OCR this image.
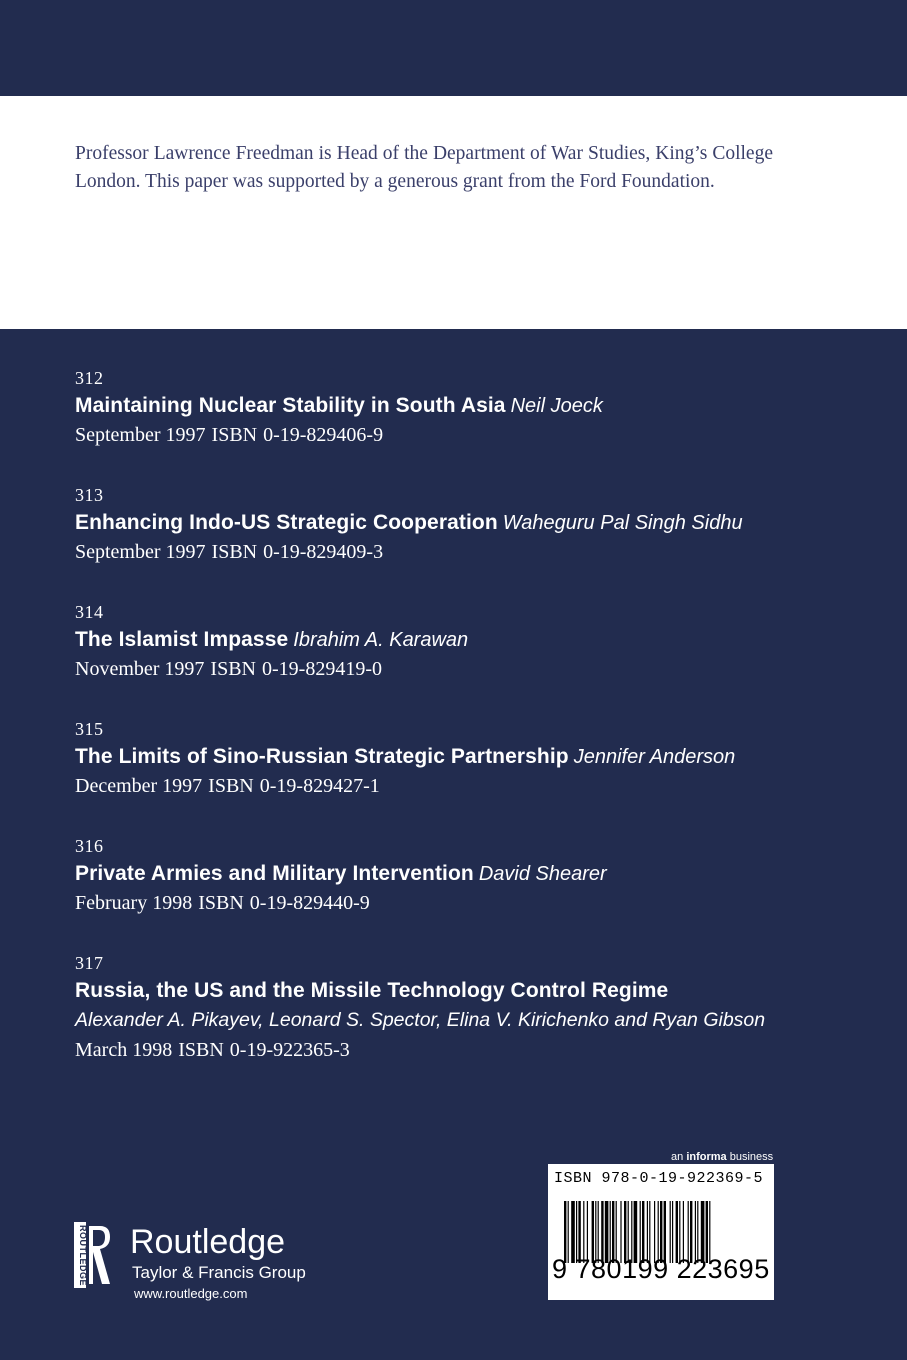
Professor Lawrence Freedman is Head of the Department of War Studies, King’s College London. This paper was supported by a generous grant from the Ford Foundation.

312
Maintaining Nuclear Stability in South Asia Neil Joeck
September 1997 ISBN 0-19-829406-9
313
Enhancing Indo-US Strategic Cooperation Waheguru Pal Singh Sidhu
September 1997 ISBN 0-19-829409-3
314
The Islamist Impasse Ibrahim A. Karawan
November 1997 ISBN 0-19-829419-0
315
The Limits of Sino-Russian Strategic Partnership Jennifer Anderson
December 1997 ISBN 0-19-829427-1
316
Private Armies and Military Intervention David Shearer
February 1998 ISBN 0-19-829440-9
317
Russia, the US and the Missile Technology Control Regime
Alexander A. Pikayev, Leonard S. Spector, Elina V. Kirichenko and Ryan Gibson
March 1998 ISBN 0-19-922365-3
ROUTLEDGE Routledge
Taylor & Francis Group
www.routledge.com
an informa business
ISBN 978-0-19-922369-5
9 780199 223695
